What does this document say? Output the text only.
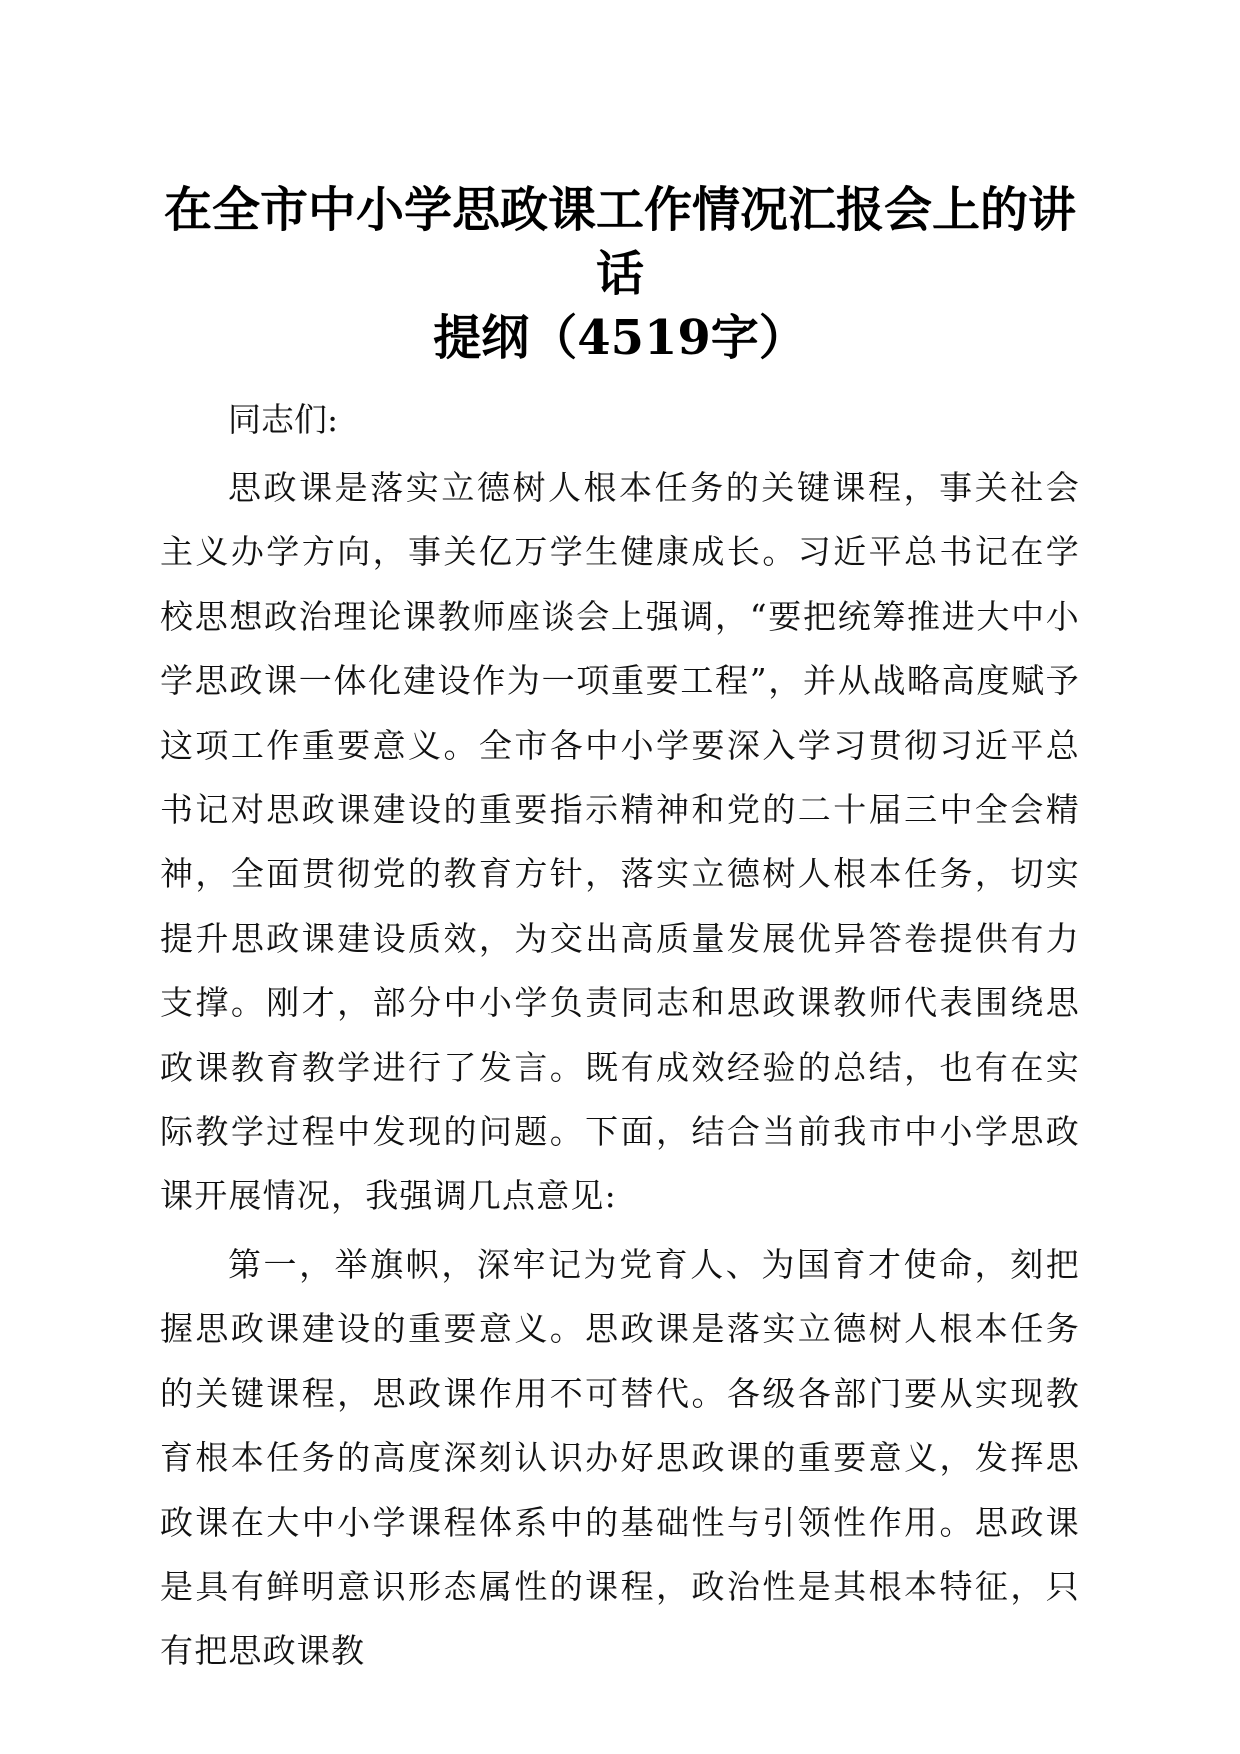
在全市中小学思政课工作情况汇报会上的讲话
提纲（4519字）

同志们:

思政课是落实立德树人根本任务的关键课程，事关社会主义办学方向，事关亿万学生健康成长。习近平总书记在学校思想政治理论课教师座谈会上强调，“要把统筹推进大中小学思政课一体化建设作为一项重要工程”，并从战略高度赋予这项工作重要意义。全市各中小学要深入学习贯彻习近平总书记对思政课建设的重要指示精神和党的二十届三中全会精神，全面贯彻党的教育方针，落实立德树人根本任务，切实提升思政课建设质效，为交出高质量发展优异答卷提供有力支撑。刚才，部分中小学负责同志和思政课教师代表围绕思政课教育教学进行了发言。既有成效经验的总结，也有在实际教学过程中发现的问题。下面，结合当前我市中小学思政课开展情况，我强调几点意见:

第一，举旗帜，深牢记为党育人、为国育才使命，刻把握思政课建设的重要意义。思政课是落实立德树人根本任务的关键课程，思政课作用不可替代。各级各部门要从实现教育根本任务的高度深刻认识办好思政课的重要意义，发挥思政课在大中小学课程体系中的基础性与引领性作用。思政课是具有鲜明意识形态属性的课程，政治性是其根本特征，只有把思政课教
